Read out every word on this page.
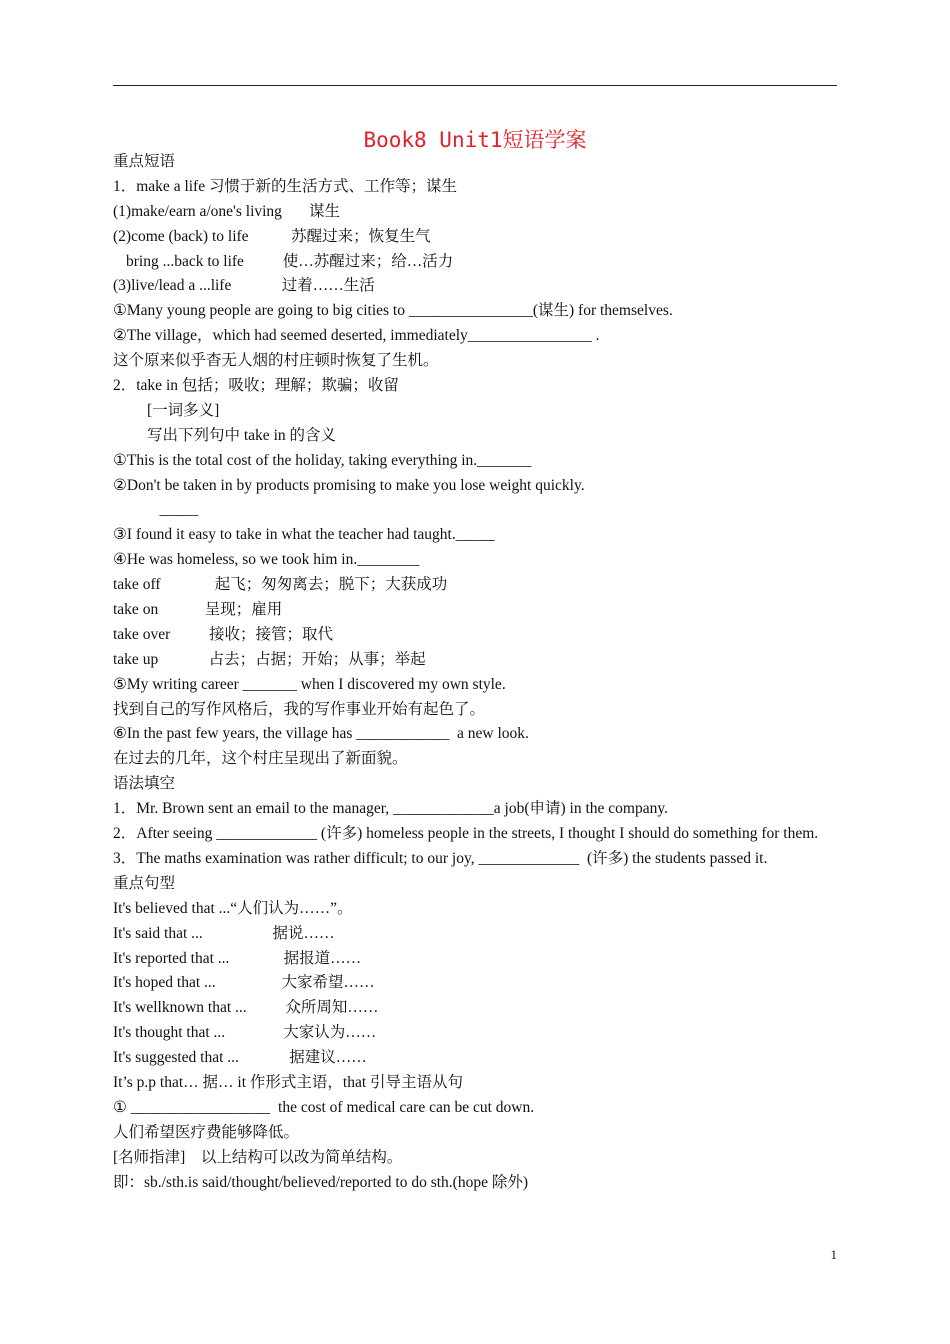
Book8 Unit1短语学案
重点短语
1．make a life 习惯于新的生活方式、工作等；谋生
(1)make/earn a/one's living       谋生
(2)come (back) to life           苏醒过来；恢复生气
bring ...back to life          使…苏醒过来；给…活力
(3)live/lead a ...life             过着……生活
①Many young people are going to big cities to ________________(谋生) for themselves.
②The village，which had seemed deserted, immediately________________ .
这个原来似乎杳无人烟的村庄顿时恢复了生机。
2．take in 包括；吸收；理解；欺骗；收留
[一词多义]
写出下列句中 take in 的含义
①This is the total cost of the holiday, taking everything in._______
②Don't be taken in by products promising to make you lose weight quickly.
_____
③I found it easy to take in what the teacher had taught._____
④He was homeless, so we took him in.________
take off              起飞；匆匆离去；脱下；大获成功
take on            呈现；雇用
take over          接收；接管；取代
take up             占去；占据；开始；从事；举起
⑤My writing career _______ when I discovered my own style.
找到自己的写作风格后，我的写作事业开始有起色了。
⑥In the past few years, the village has ____________  a new look.
在过去的几年，这个村庄呈现出了新面貌。
语法填空
1．Mr. Brown sent an email to the manager, _____________a job(申请) in the company.
2．After seeing _____________ (许多) homeless people in the streets, I thought I should do something for them.
3．The maths examination was rather difficult; to our joy, _____________  (许多) the students passed it.
重点句型
It's believed that ...“人们认为……”。
It's said that ...                  据说……
It's reported that ...              据报道……
It's hoped that ...                 大家希望……
It's wellknown that ...          众所周知……
It's thought that ...               大家认为……
It's suggested that ...             据建议……
It’s p.p that… 据… it 作形式主语，that 引导主语从句
① __________________  the cost of medical care can be cut down.
人们希望医疗费能够降低。
[名师指津]    以上结构可以改为简单结构。
即：sb./sth.is said/thought/believed/reported to do sth.(hope 除外)
1
